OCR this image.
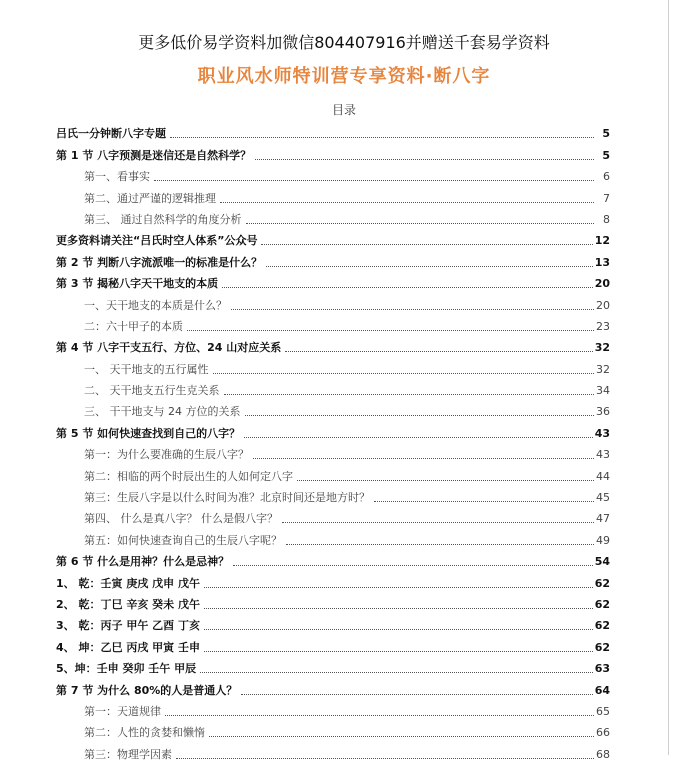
更多低价易学资料加微信804407916并赠送千套易学资料
职业风水师特训营专享资料·断八字
目录
吕氏一分钟断八字专题	5
第 1 节 八字预测是迷信还是自然科学？	5
第一、看事实	6
第二、通过严谨的逻辑推理	7
第三、 通过自然科学的角度分析	8
更多资料请关注“吕氏时空人体系”公众号	12
第 2 节 判断八字流派唯一的标准是什么？	13
第 3 节 揭秘八字天干地支的本质	20
一、天干地支的本质是什么？	20
二：六十甲子的本质	23
第 4 节 八字干支五行、方位、24 山对应关系	32
一、 天干地支的五行属性	32
二、 天干地支五行生克关系	34
三、 干干地支与 24 方位的关系	36
第 5 节 如何快速查找到自己的八字？	43
第一：为什么要准确的生辰八字？	43
第二：相临的两个时辰出生的人如何定八字	44
第三：生辰八字是以什么时间为准？北京时间还是地方时？	45
第四、 什么是真八字？ 什么是假八字？	47
第五：如何快速查询自己的生辰八字呢？	49
第 6 节 什么是用神？什么是忌神？	54
1、 乾：壬寅 庚戌 戊申 戊午	62
2、 乾：丁巳 辛亥 癸未 戊午	62
3、 乾：丙子 甲午 乙酉 丁亥	62
4、 坤：乙巳 丙戌 甲寅 壬申	62
5、坤：壬申 癸卯 壬午 甲辰	63
第 7 节 为什么 80%的人是普通人？	64
第一：天道规律	65
第二：人性的贪婪和懒惰	66
第三：物理学因素	68
